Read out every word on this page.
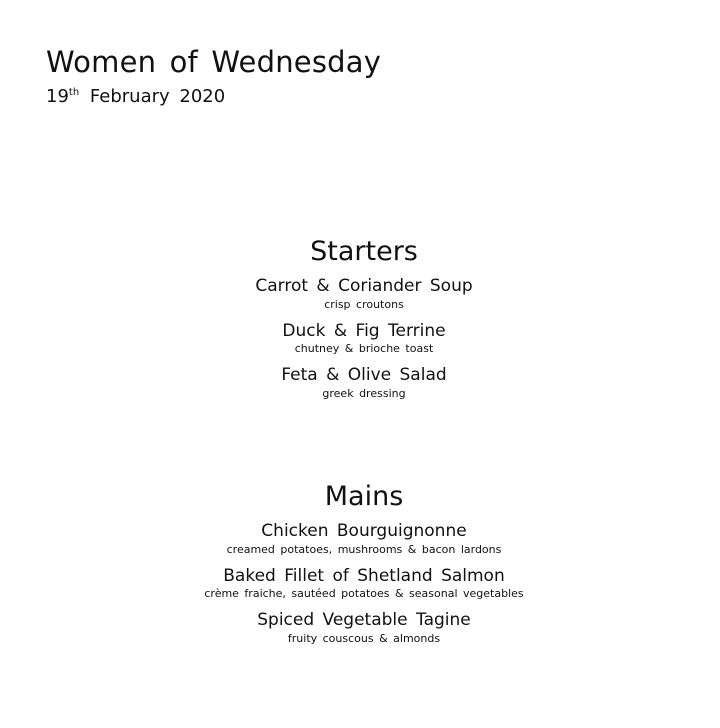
Women of Wednesday
19th February 2020
Starters
Carrot & Coriander Soup
crisp croutons
Duck & Fig Terrine
chutney & brioche toast
Feta & Olive Salad
greek dressing
Mains
Chicken Bourguignonne
creamed potatoes, mushrooms & bacon lardons
Baked Fillet of Shetland Salmon
crème fraiche, sautéed potatoes & seasonal vegetables
Spiced Vegetable Tagine
fruity couscous & almonds
